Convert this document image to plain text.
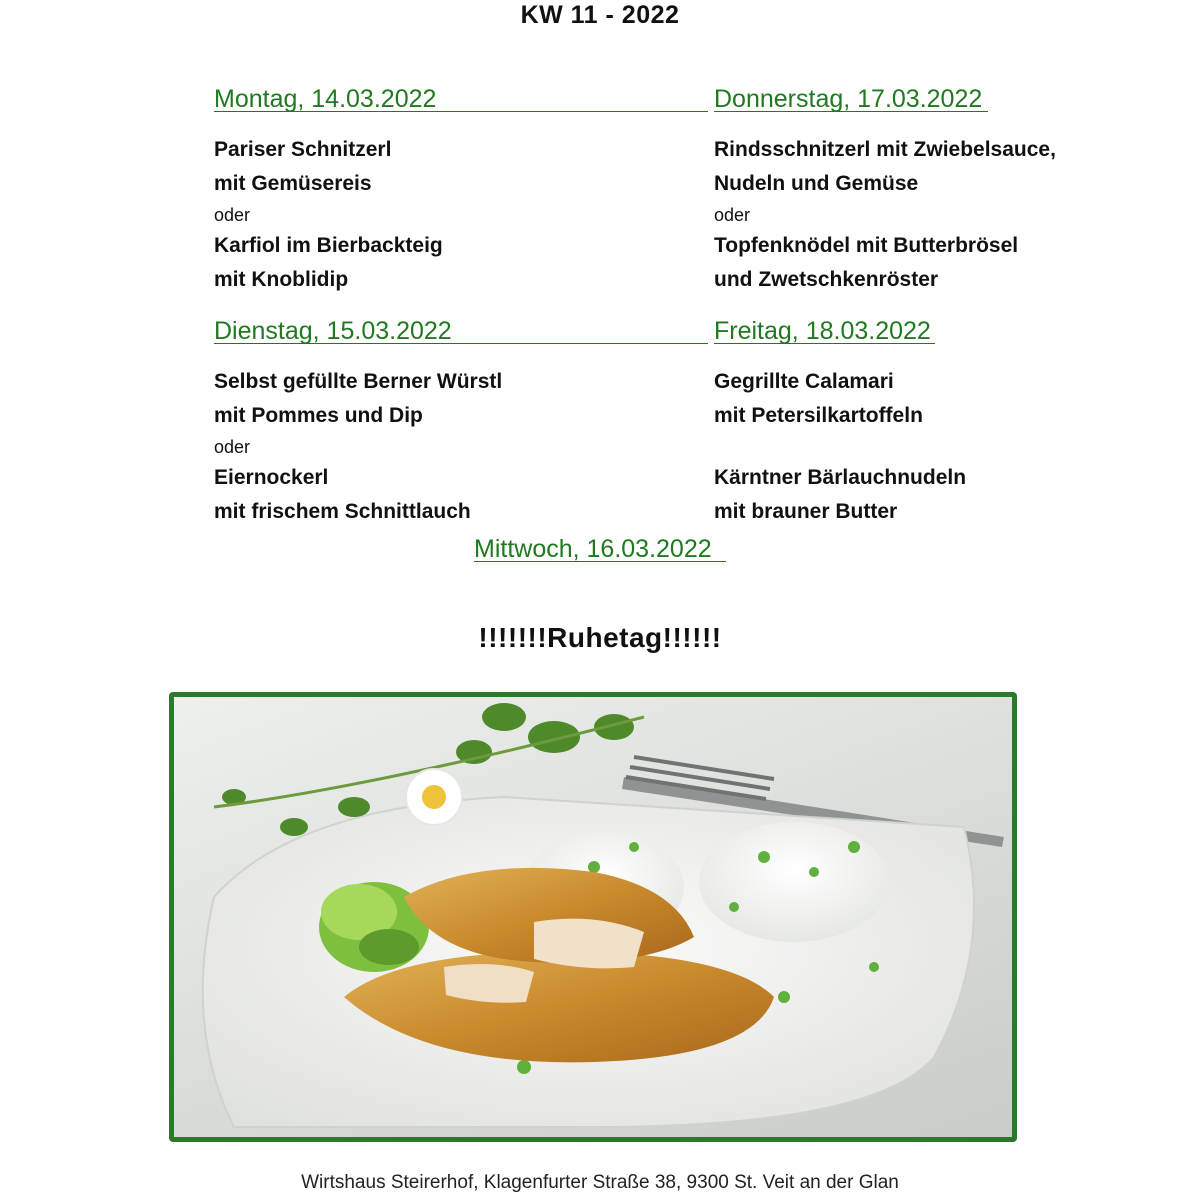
KW 11 - 2022
Montag, 14.03.2022	Donnerstag, 17.03.2022
Pariser Schnitzerl
mit Gemüsereis
oder
Karfiol im Bierbackteig
mit Knoblidip
Rindsschnitzerl mit Zwiebelsauce,
Nudeln und Gemüse
oder
Topfenknödel mit Butterbrösel
und Zwetschkenröster
Dienstag, 15.03.2022	Freitag, 18.03.2022
Selbst gefüllte Berner Würstl
mit Pommes und Dip
oder
Eiernockerl
mit frischem Schnittlauch
Gegrillte Calamari
mit Petersilkartoffeln
Kärntner Bärlauchnudeln
mit brauner Butter
Mittwoch, 16.03.2022
!!!!!!!Ruhetag!!!!!!
Wirtshaus Steirerhof, Klagenfurter Straße 38, 9300 St. Veit an der Glan
